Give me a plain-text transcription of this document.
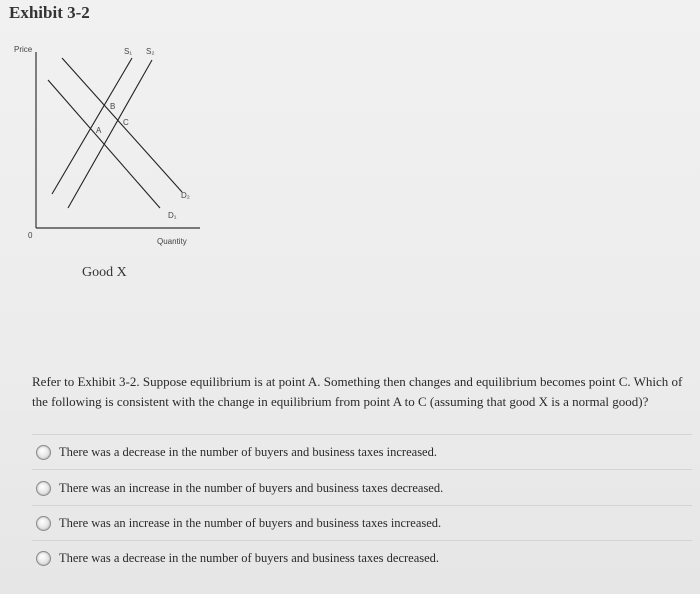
Exhibit 3-2
Price
Quantity
0
S₁ S₂
D₂
D₁
A
B
C
Good X
Refer to Exhibit 3-2. Suppose equilibrium is at point A. Something then changes and equilibrium becomes point C. Which of the following is consistent with the change in equilibrium from point A to C (assuming that good X is a normal good)?
There was a decrease in the number of buyers and business taxes increased.
There was an increase in the number of buyers and business taxes decreased.
There was an increase in the number of buyers and business taxes increased.
There was a decrease in the number of buyers and business taxes decreased.
